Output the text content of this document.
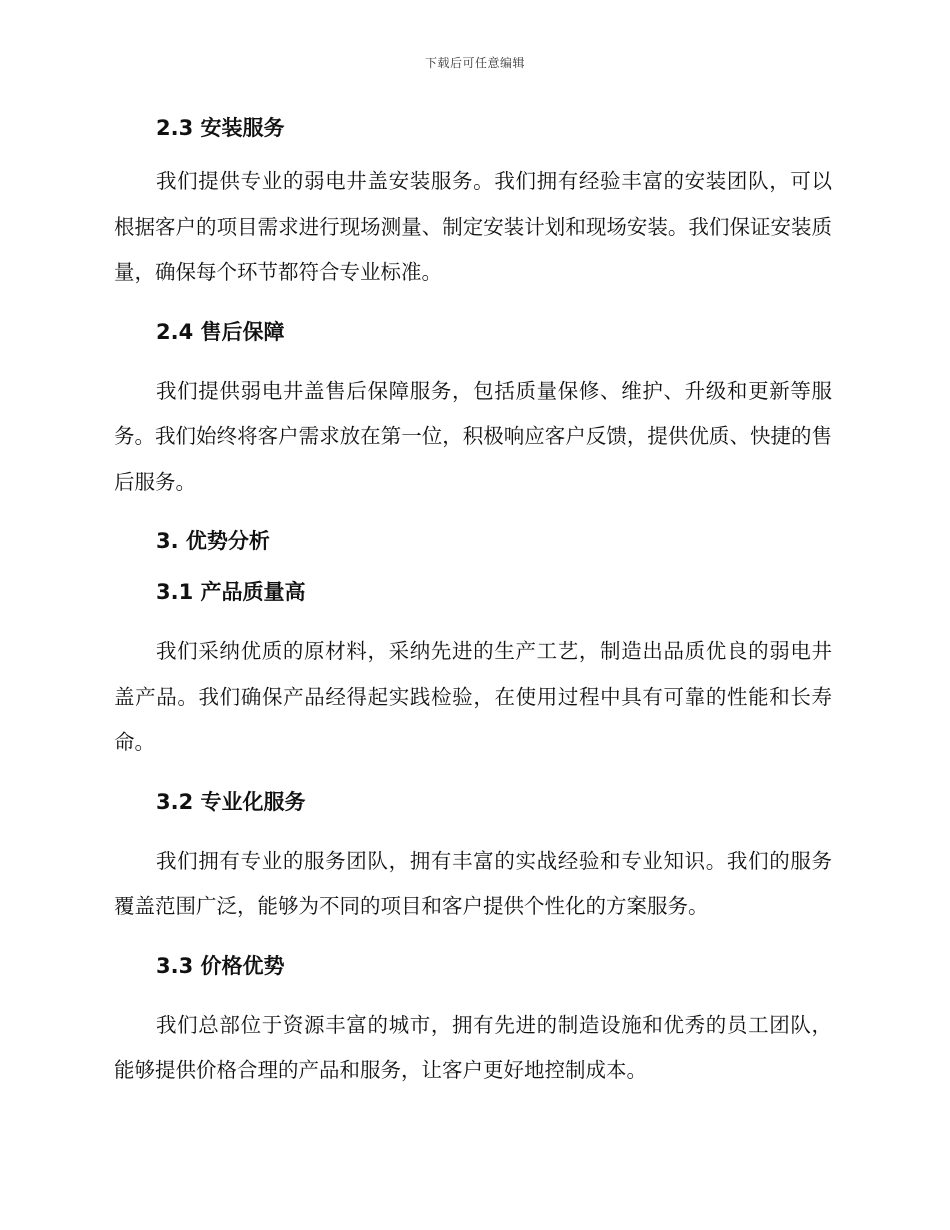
下载后可任意编辑
2.3 安装服务

我们提供专业的弱电井盖安装服务。我们拥有经验丰富的安装团队，可以根据客户的项目需求进行现场测量、制定安装计划和现场安装。我们保证安装质量，确保每个环节都符合专业标准。

2.4 售后保障

我们提供弱电井盖售后保障服务，包括质量保修、维护、升级和更新等服务。我们始终将客户需求放在第一位，积极响应客户反馈，提供优质、快捷的售后服务。

3. 优势分析
3.1 产品质量高

我们采纳优质的原材料，采纳先进的生产工艺，制造出品质优良的弱电井盖产品。我们确保产品经得起实践检验，在使用过程中具有可靠的性能和长寿命。

3.2 专业化服务

我们拥有专业的服务团队，拥有丰富的实战经验和专业知识。我们的服务覆盖范围广泛，能够为不同的项目和客户提供个性化的方案服务。

3.3 价格优势

我们总部位于资源丰富的城市，拥有先进的制造设施和优秀的员工团队，能够提供价格合理的产品和服务，让客户更好地控制成本。
